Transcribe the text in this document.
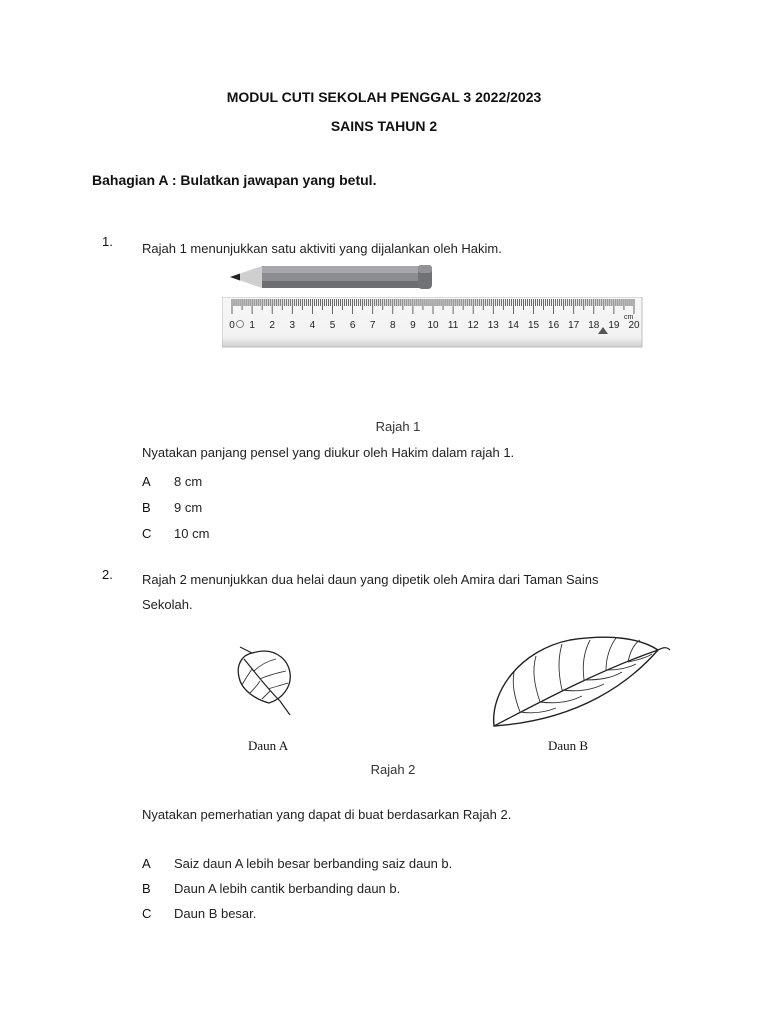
MODUL CUTI SEKOLAH PENGGAL 3 2022/2023
SAINS TAHUN 2
Bahagian A : Bulatkan jawapan yang betul.
1. Rajah 1 menunjukkan satu aktiviti yang dijalankan oleh Hakim.
0 1 2 3 4 5 6 7 8 9 10 11 12 13 14 15 16 17 18 19 20
cm
Rajah 1
Nyatakan panjang pensel yang diukur oleh Hakim dalam rajah 1.
A 8 cm
B 9 cm
C 10 cm
2. Rajah 2 menunjukkan dua helai daun yang dipetik oleh Amira dari Taman Sains
Sekolah.
Daun A	Daun B
Rajah 2
Nyatakan pemerhatian yang dapat di buat berdasarkan Rajah 2.
A Saiz daun A lebih besar berbanding saiz daun b.
B Daun A lebih cantik berbanding daun b.
C Daun B besar.
